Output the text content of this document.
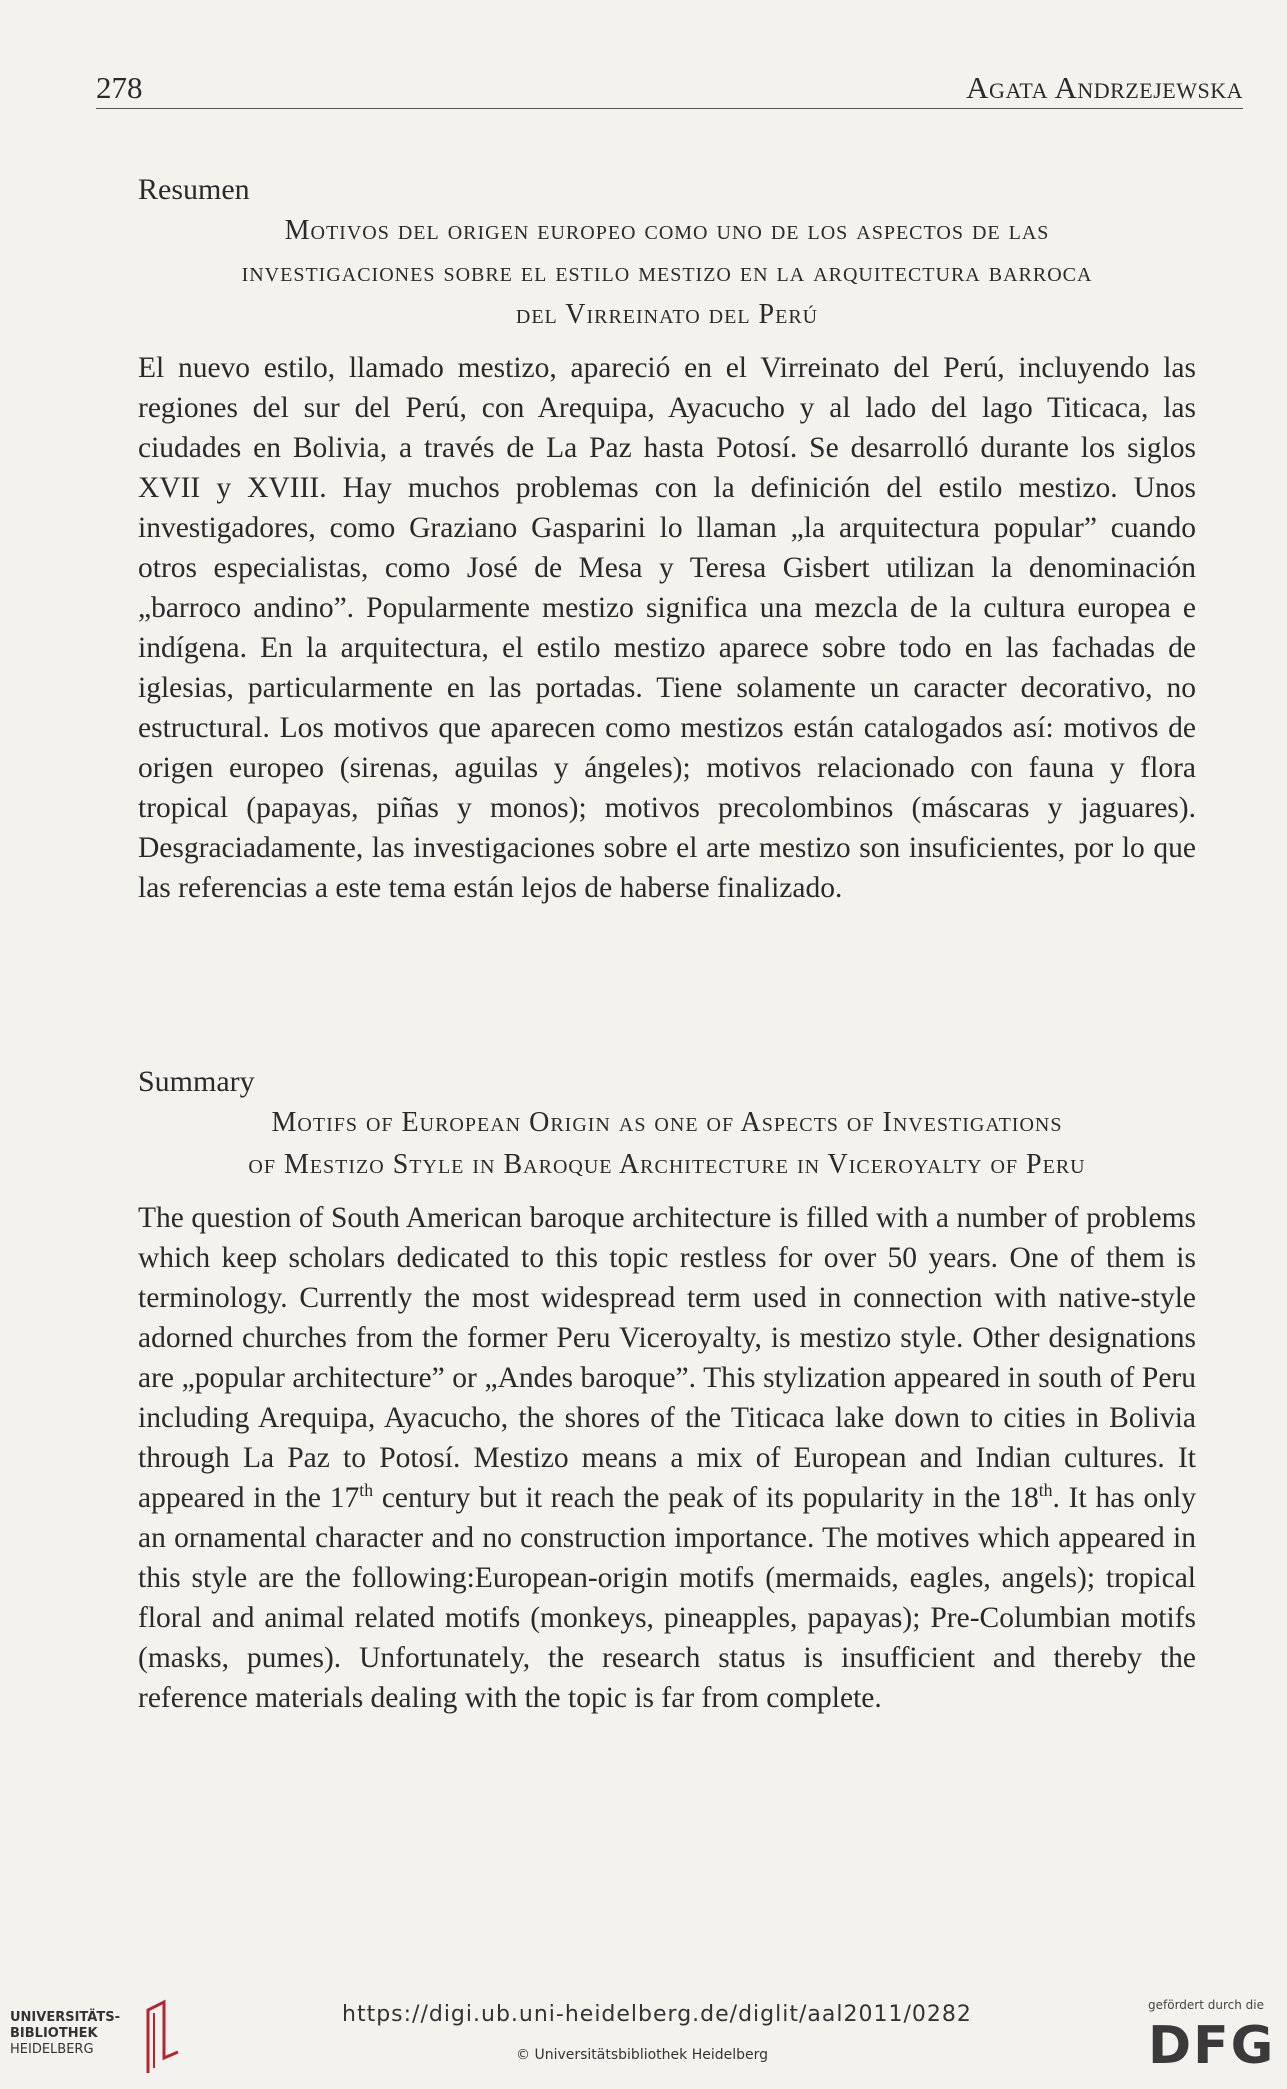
278	Agata Andrzejewska

Resumen

Motivos del origen europeo como uno de los aspectos de las
investigaciones sobre el estilo mestizo en la arquitectura barroca
del Virreinato del Perú

El nuevo estilo, llamado mestizo, apareció en el Virreinato del Perú, incluyendo las regiones del sur del Perú, con Arequipa, Ayacucho y al lado del lago Titicaca, las ciudades en Bolivia, a través de La Paz hasta Potosí. Se desarrolló durante los siglos XVII y XVIII. Hay muchos problemas con la definición del estilo mestizo. Unos investigadores, como Graziano Gasparini lo llaman „la arquitectura popular” cuando otros especialistas, como José de Mesa y Teresa Gisbert utilizan la denominación „barroco andino”. Popularmente mestizo significa una mezcla de la cultura europea e indígena. En la arquitectura, el estilo mestizo aparece sobre todo en las fachadas de iglesias, particularmente en las portadas. Tiene solamente un caracter decorativo, no estructural. Los motivos que aparecen como mestizos están catalogados así: motivos de origen europeo (sirenas, aguilas y ángeles); motivos relacionado con fauna y flora tropical (papayas, piñas y monos); motivos precolombinos (máscaras y jaguares). Desgraciadamente, las investigaciones sobre el arte mestizo son insuficientes, por lo que las referencias a este tema están lejos de haberse finalizado.

Summary

Motifs of European Origin as one of Aspects of Investigations
of Mestizo Style in Baroque Architecture in Viceroyalty of Peru

The question of South American baroque architecture is filled with a number of problems which keep scholars dedicated to this topic restless for over 50 years. One of them is terminology. Currently the most widespread term used in connection with native-style adorned churches from the former Peru Viceroyalty, is mestizo style. Other designations are „popular architecture” or „Andes baroque”. This stylization appeared in south of Peru including Arequipa, Ayacucho, the shores of the Titicaca lake down to cities in Bolivia through La Paz to Potosí. Mestizo means a mix of European and Indian cultures. It appeared in the 17th century but it reach the peak of its popularity in the 18th. It has only an ornamental character and no construction importance. The motives which appeared in this style are the following:European-origin motifs (mermaids, eagles, angels); tropical floral and animal related motifs (monkeys, pineapples, papayas); Pre-Columbian motifs (masks, pumes). Unfortunately, the research status is insufficient and thereby the reference materials dealing with the topic is far from complete.

UNIVERSITÄTS-
BIBLIOTHEK
HEIDELBERG
https://digi.ub.uni-heidelberg.de/diglit/aal2011/0282
© Universitätsbibliothek Heidelberg
gefördert durch die
DFG
